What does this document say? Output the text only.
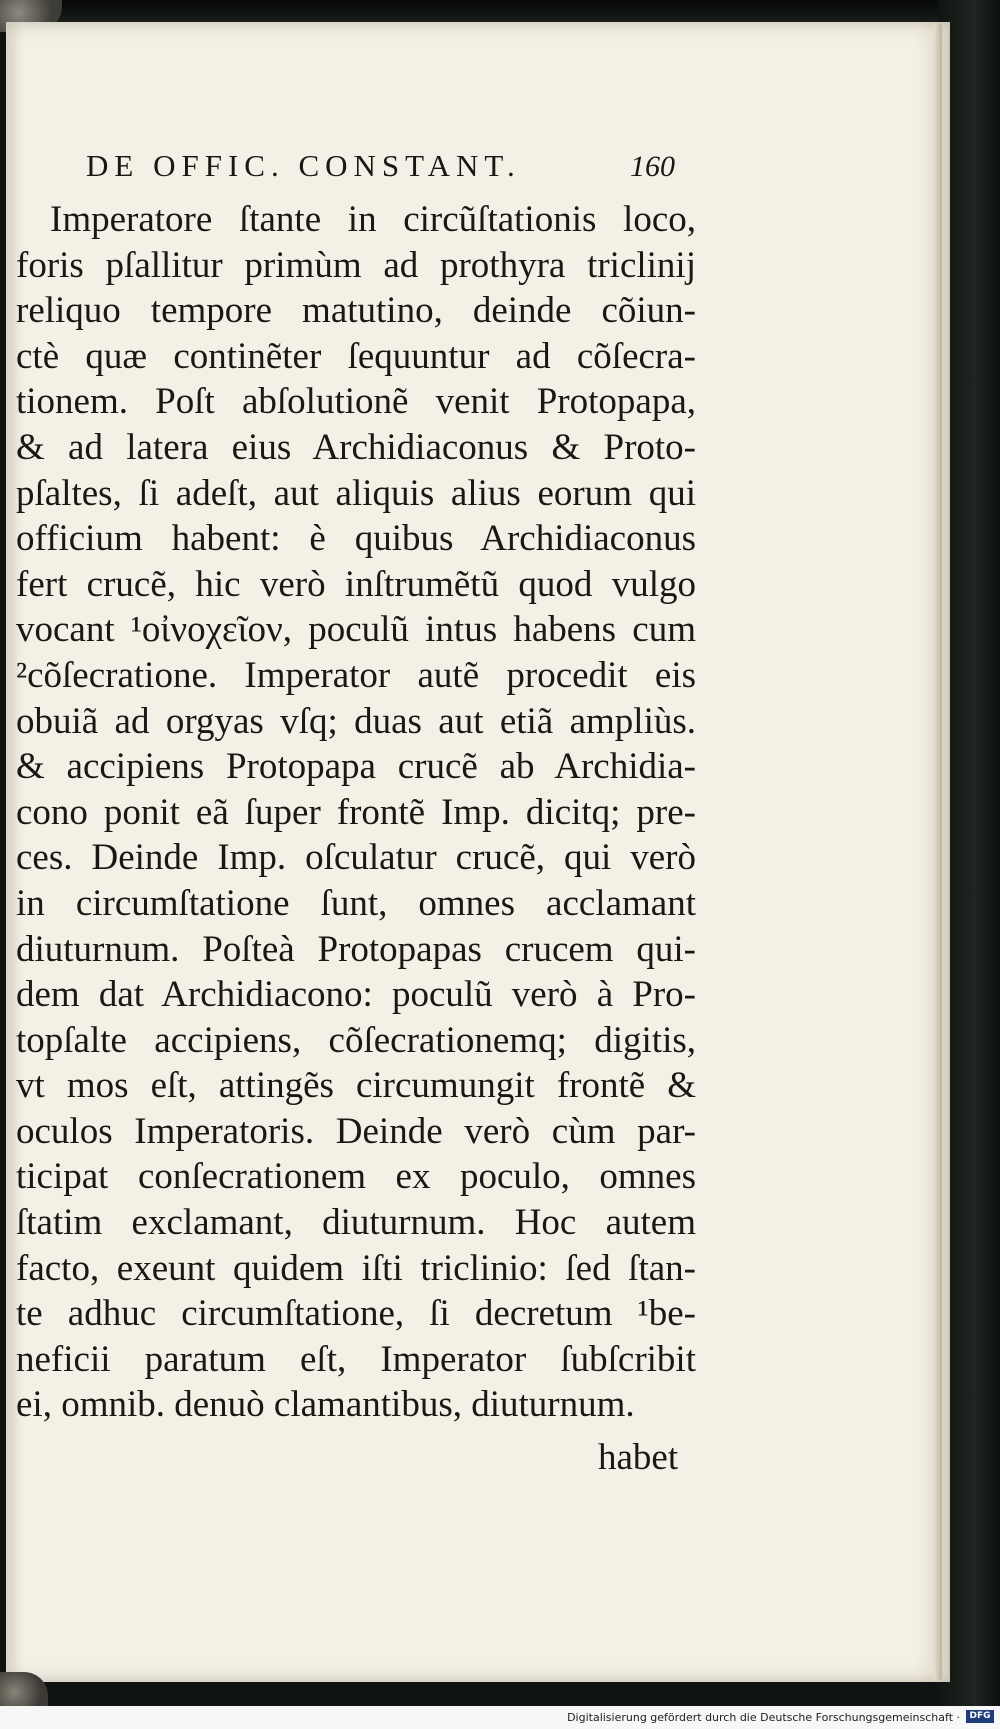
DE OFFIC. CONSTANT.	160
Imperatore ſtante in circũſtationis loco,
foris pſallitur primùm ad prothyra triclinij
reliquo tempore matutino, deinde cõiun-
ctè quæ continẽter ſequuntur ad cõſecra-
tionem. Poſt abſolutionẽ venit Protopapa,
& ad latera eius Archidiaconus & Proto-
pſaltes, ſi adeſt, aut aliquis alius eorum qui
officium habent: è quibus Archidiaconus
fert crucẽ, hic verò inſtrumẽtũ quod vulgo
vocant ¹οἰνοχεῖον, poculũ intus habens cum
²cõſecratione. Imperator autẽ procedit eis
obuiã ad orgyas vſq; duas aut etiã ampliùs.
& accipiens Protopapa crucẽ ab Archidia-
cono ponit eã ſuper frontẽ Imp. dicitq; pre-
ces. Deinde Imp. oſculatur crucẽ, qui verò
in circumſtatione ſunt, omnes acclamant
diuturnum. Poſteà Protopapas crucem qui-
dem dat Archidiacono: poculũ verò à Pro-
topſalte accipiens, cõſecrationemq; digitis,
vt mos eſt, attingẽs circumungit frontẽ &
oculos Imperatoris. Deinde verò cùm par-
ticipat conſecrationem ex poculo, omnes
ſtatim exclamant, diuturnum. Hoc autem
facto, exeunt quidem iſti triclinio: ſed ſtan-
te adhuc circumſtatione, ſi decretum ¹be-
neficii paratum eſt, Imperator ſubſcribit
ei, omnib. denuò clamantibus, diuturnum.
habet
Digitalisierung gefördert durch die Deutsche Forschungsgemeinschaft ·	DFG
